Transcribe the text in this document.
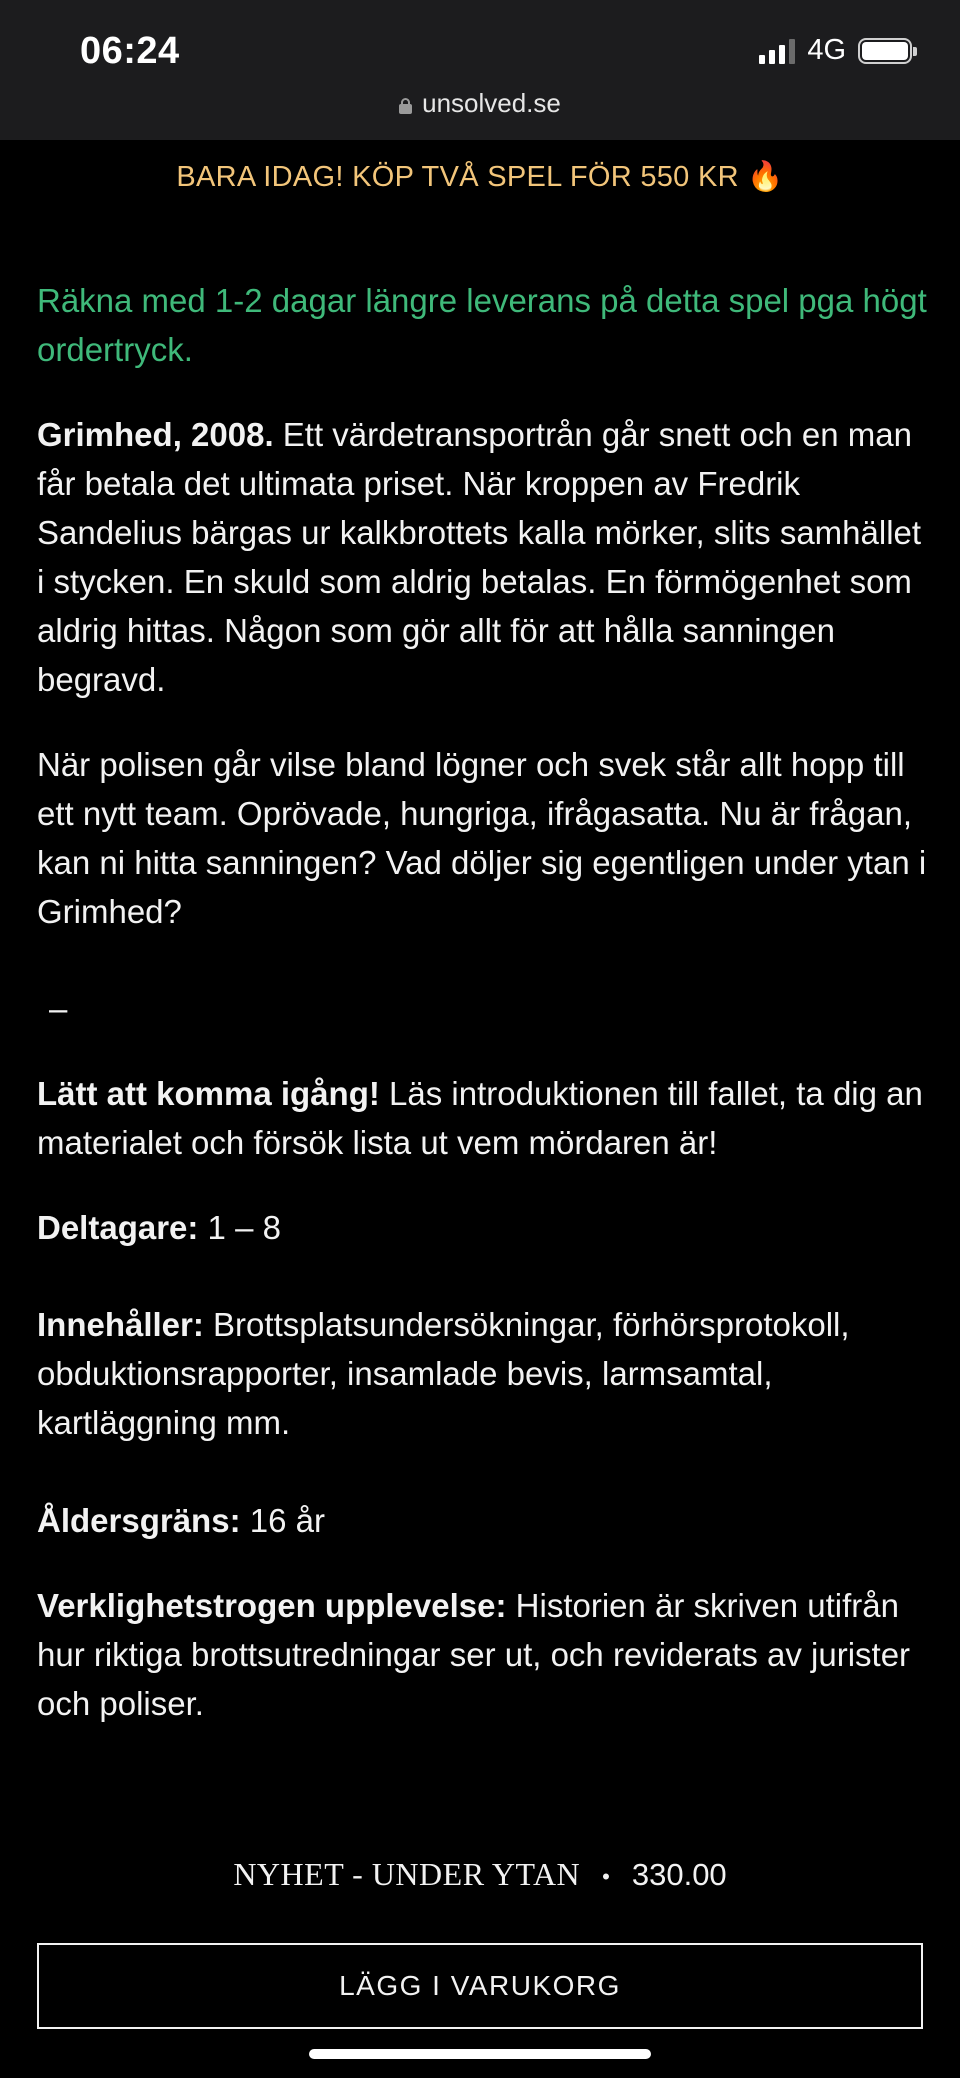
06:24	4G
unsolved.se
BARA IDAG! KÖP TVÅ SPEL FÖR 550 KR 🔥

Räkna med 1-2 dagar längre leverans på detta spel pga högt ordertryck.

Grimhed, 2008. Ett värdetransportrån går snett och en man får betala det ultimata priset. När kroppen av Fredrik Sandelius bärgas ur kalkbrottets kalla mörker, slits samhället i stycken. En skuld som aldrig betalas. En förmögenhet som aldrig hittas. Någon som gör allt för att hålla sanningen begravd.

När polisen går vilse bland lögner och svek står allt hopp till ett nytt team. Oprövade, hungriga, ifrågasatta. Nu är frågan, kan ni hitta sanningen? Vad döljer sig egentligen under ytan i Grimhed?

–

Lätt att komma igång! Läs introduktionen till fallet, ta dig an materialet och försök lista ut vem mördaren är!

Deltagare: 1 – 8

Innehåller: Brottsplatsundersökningar, förhörsprotokoll, obduktionsrapporter, insamlade bevis, larmsamtal, kartläggning mm.

Åldersgräns: 16 år

Verklighetstrogen upplevelse: Historien är skriven utifrån hur riktiga brottsutredningar ser ut, och reviderats av jurister och poliser.

NYHET - UNDER YTAN • 330.00
LÄGG I VARUKORG
